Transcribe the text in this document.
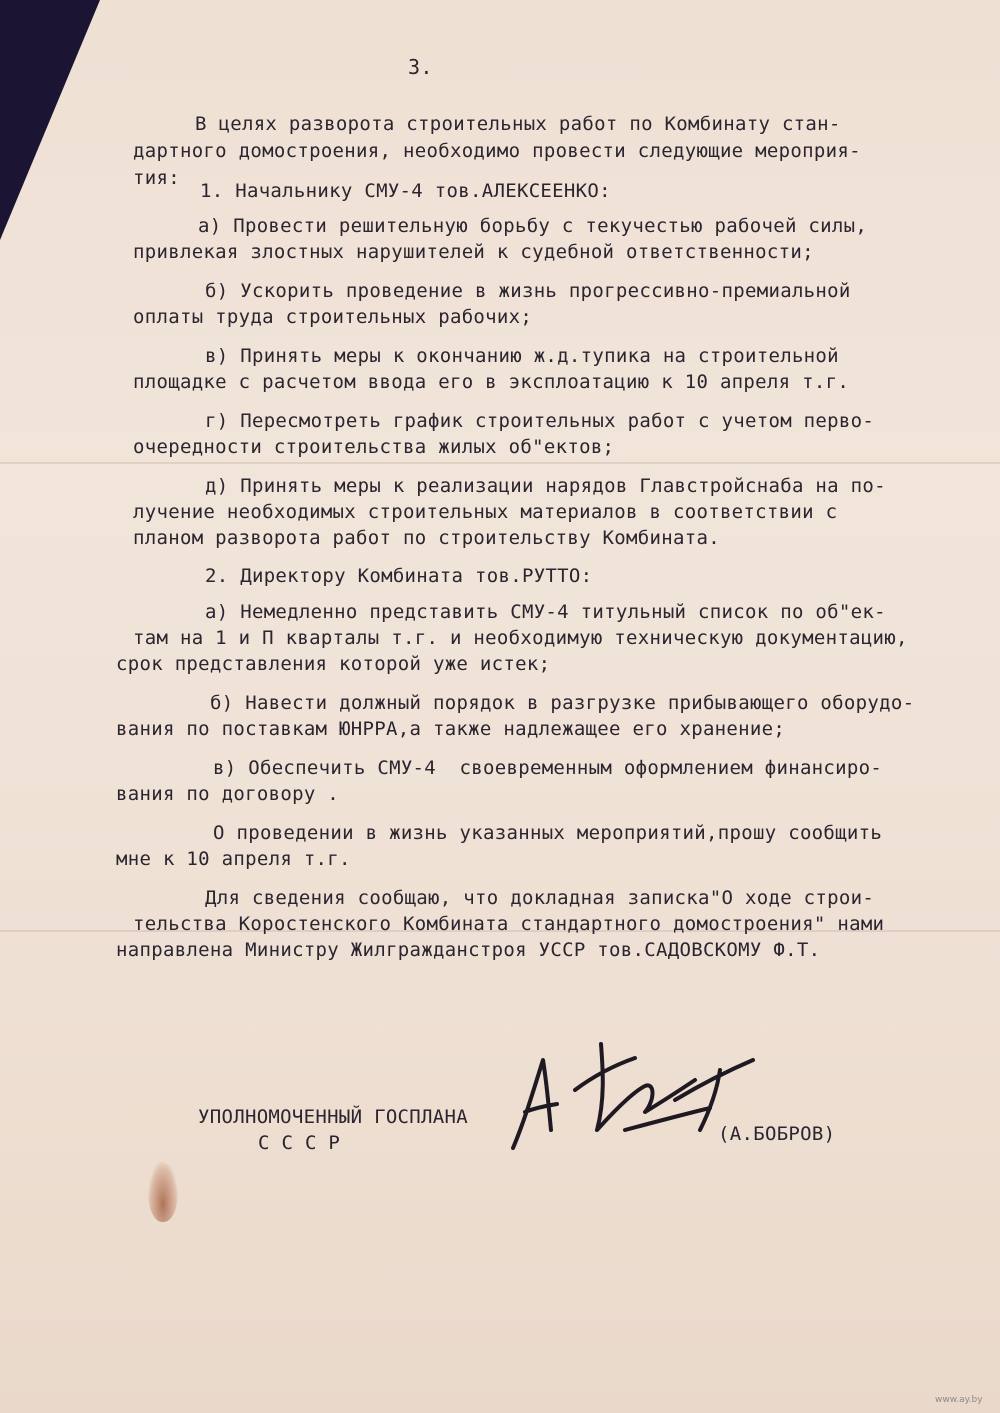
3.
В целях разворота строительных работ по Комбинату стан-
дартного домостроения, необходимо провести следующие мероприя-
тия:
1. Начальнику СМУ-4 тов.АЛЕКСЕЕНКО:
а) Провести решительную борьбу с текучестью рабочей силы,
привлекая злостных нарушителей к судебной ответственности;
б) Ускорить проведение в жизнь прогрессивно-премиальной
оплаты труда строительных рабочих;
в) Принять меры к окончанию ж.д.тупика на строительной
площадке с расчетом ввода его в эксплоатацию к 10 апреля т.г.
г) Пересмотреть график строительных работ с учетом перво-
очередности строительства жилых об"ектов;
д) Принять меры к реализации нарядов Главстройснаба на по-
лучение необходимых строительных материалов в соответствии с
планом разворота работ по строительству Комбината.
2. Директору Комбината тов.РУТТО:
а) Немедленно представить СМУ-4 титульный список по об"ек-
там на 1 и П кварталы т.г. и необходимую техническую документацию,
срок представления которой уже истек;
б) Навести должный порядок в разгрузке прибывающего оборудо-
вания по поставкам ЮНРРА,а также надлежащее его хранение;
в) Обеспечить СМУ-4  своевременным оформлением финансиро-
вания по договору .
О проведении в жизнь указанных мероприятий,прошу сообщить
мне к 10 апреля т.г.
Для сведения сообщаю, что докладная записка"О ходе строи-
тельства Коростенского Комбината стандартного домостроения" нами
направлена Министру Жилгражданстроя УССР тов.САДОВСКОМУ Ф.Т.
УПОЛНОМОЧЕННЫЙ ГОСПЛАНА
С С С Р	(А.БОБРОВ)
www.ay.by
